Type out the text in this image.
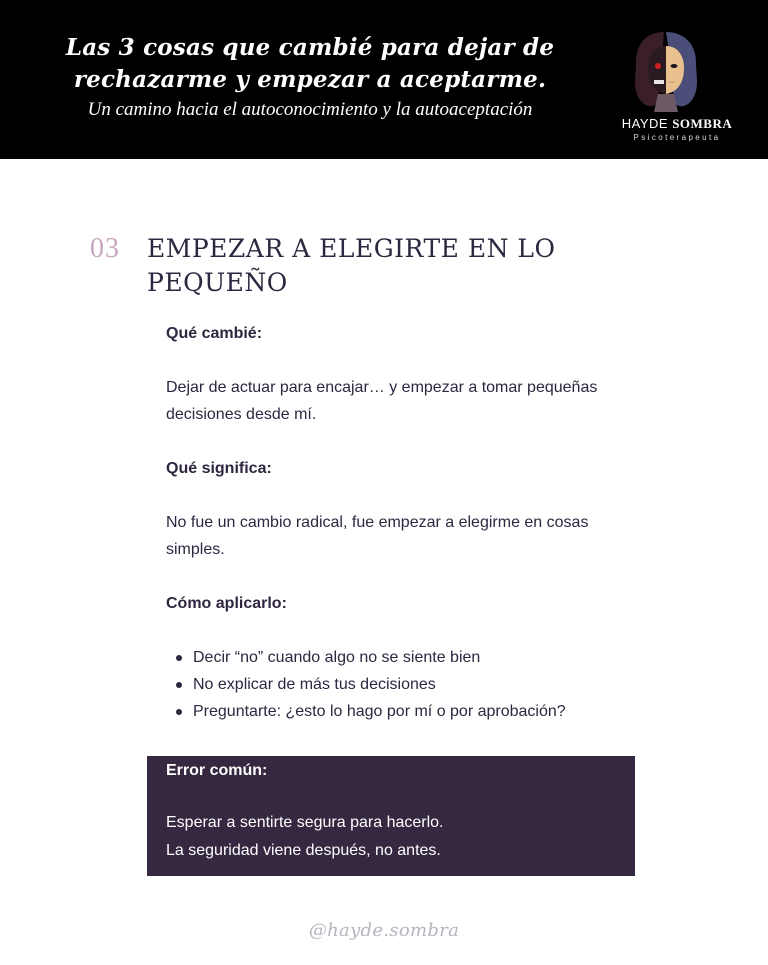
Las 3 cosas que cambié para dejar de
rechazarme y empezar a aceptarme.
Un camino hacia el autoconocimiento y la autoaceptación
HAYDE SOMBRA
Psicoterapeuta
03 EMPEZAR A ELEGIRTE EN LO
PEQUEÑO
Qué cambié:
Dejar de actuar para encajar… y empezar a tomar pequeñas
decisiones desde mí.
Qué significa:
No fue un cambio radical, fue empezar a elegirme en cosas
simples.
Cómo aplicarlo:
Decir “no” cuando algo no se siente bien
No explicar de más tus decisiones
Preguntarte: ¿esto lo hago por mí o por aprobación?
Error común:
Esperar a sentirte segura para hacerlo.
La seguridad viene después, no antes.
@hayde.sombra
